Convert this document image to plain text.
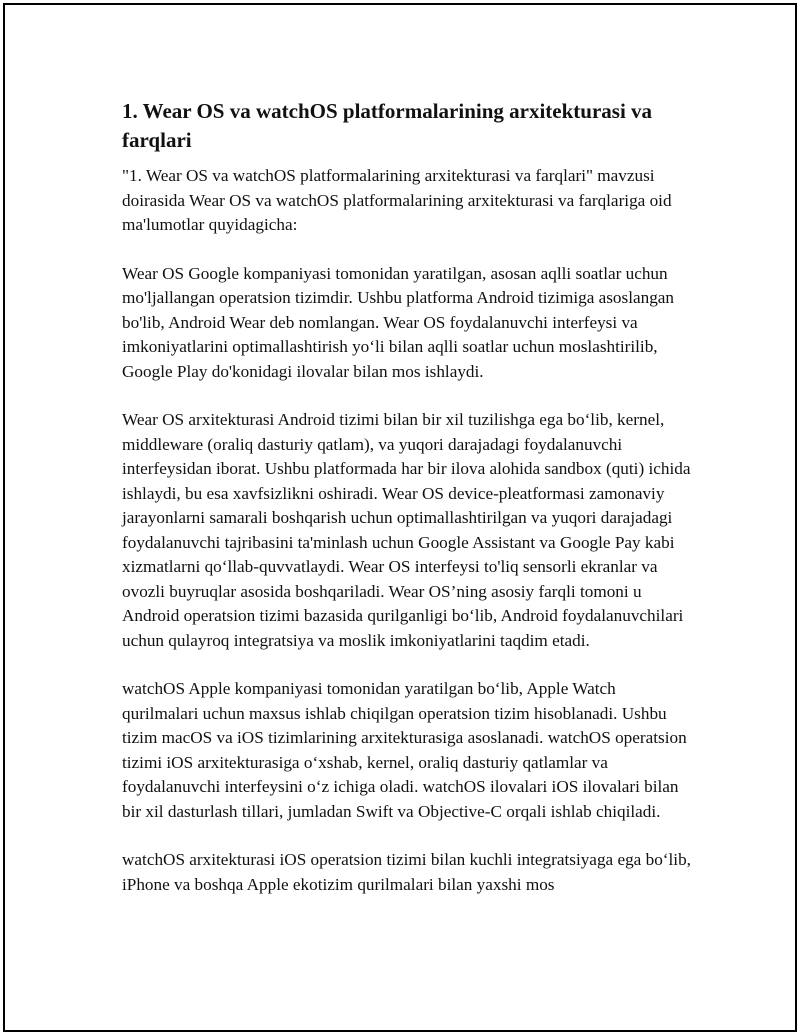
1. Wear OS va watchOS platformalarining arxitekturasi va farqlari

"1. Wear OS va watchOS platformalarining arxitekturasi va farqlari" mavzusi doirasida Wear OS va watchOS platformalarining arxitekturasi va farqlariga oid ma'lumotlar quyidagicha:

Wear OS Google kompaniyasi tomonidan yaratilgan, asosan aqlli soatlar uchun mo'ljallangan operatsion tizimdir. Ushbu platforma Android tizimiga asoslangan bo'lib, Android Wear deb nomlangan. Wear OS foydalanuvchi interfeysi va imkoniyatlarini optimallashtirish yo‘li bilan aqlli soatlar uchun moslashtirilib, Google Play do'konidagi ilovalar bilan mos ishlaydi.

Wear OS arxitekturasi Android tizimi bilan bir xil tuzilishga ega bo‘lib, kernel, middleware (oraliq dasturiy qatlam), va yuqori darajadagi foydalanuvchi interfeysidan iborat. Ushbu platformada har bir ilova alohida sandbox (quti) ichida ishlaydi, bu esa xavfsizlikni oshiradi. Wear OS device-pleatformasi zamonaviy jarayonlarni samarali boshqarish uchun optimallashtirilgan va yuqori darajadagi foydalanuvchi tajribasini ta'minlash uchun Google Assistant va Google Pay kabi xizmatlarni qo‘llab-quvvatlaydi. Wear OS interfeysi to'liq sensorli ekranlar va ovozli buyruqlar asosida boshqariladi. Wear OS’ning asosiy farqli tomoni u Android operatsion tizimi bazasida qurilganligi bo‘lib, Android foydalanuvchilari uchun qulayroq integratsiya va moslik imkoniyatlarini taqdim etadi.

watchOS Apple kompaniyasi tomonidan yaratilgan bo‘lib, Apple Watch qurilmalari uchun maxsus ishlab chiqilgan operatsion tizim hisoblanadi. Ushbu tizim macOS va iOS tizimlarining arxitekturasiga asoslanadi. watchOS operatsion tizimi iOS arxitekturasiga o‘xshab, kernel, oraliq dasturiy qatlamlar va foydalanuvchi interfeysini o‘z ichiga oladi. watchOS ilovalari iOS ilovalari bilan bir xil dasturlash tillari, jumladan Swift va Objective-C orqali ishlab chiqiladi.

watchOS arxitekturasi iOS operatsion tizimi bilan kuchli integratsiyaga ega bo‘lib, iPhone va boshqa Apple ekotizim qurilmalari bilan yaxshi mos
